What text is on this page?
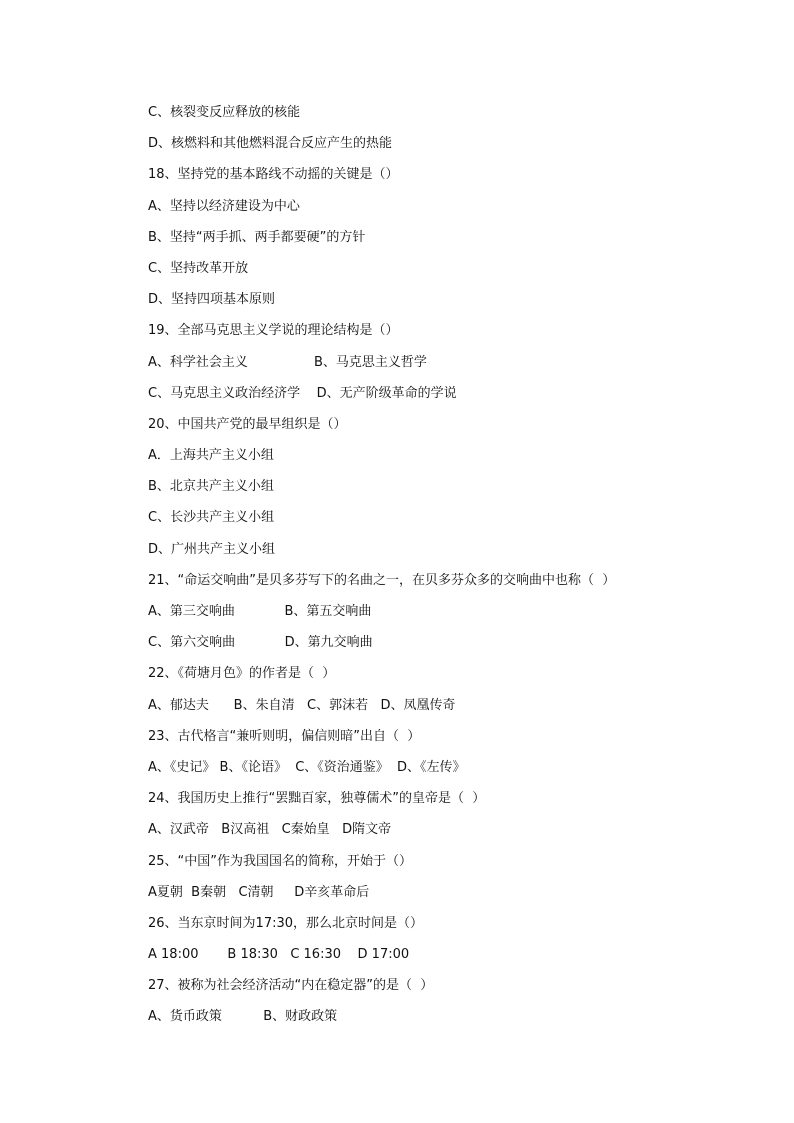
C、核裂变反应释放的核能
D、核燃料和其他燃料混合反应产生的热能
18、坚持党的基本路线不动摇的关键是（）
A、坚持以经济建设为中心
B、坚持“两手抓、两手都要硬”的方针
C、坚持改革开放
D、坚持四项基本原则
19、全部马克思主义学说的理论结构是（）
A、科学社会主义                B、马克思主义哲学
C、马克思主义政治经济学    D、无产阶级革命的学说
20、中国共产党的最早组织是（）
A．上海共产主义小组
B、北京共产主义小组
C、长沙共产主义小组
D、广州共产主义小组
21、“命运交响曲”是贝多芬写下的名曲之一，在贝多芬众多的交响曲中也称（  ）
A、第三交响曲            B、第五交响曲
C、第六交响曲            D、第九交响曲
22、《荷塘月色》的作者是（  ）
A、郁达夫      B、朱自清   C、郭沫若   D、凤凰传奇
23、古代格言“兼听则明，偏信则暗”出自（  ）
A、《史记》 B、《论语》  C、《资治通鉴》  D、《左传》
24、我国历史上推行“罢黜百家，独尊儒术”的皇帝是（  ）
A、汉武帝   B汉高祖   C秦始皇   D隋文帝
25、“中国”作为我国国名的简称，开始于（）
A夏朝  B秦朝   C清朝     D辛亥革命后
26、当东京时间为17:30，那么北京时间是（）
A 18:00       B 18:30   C 16:30    D 17:00
27、被称为社会经济活动“内在稳定器”的是（  ）
A、货币政策          B、财政政策
